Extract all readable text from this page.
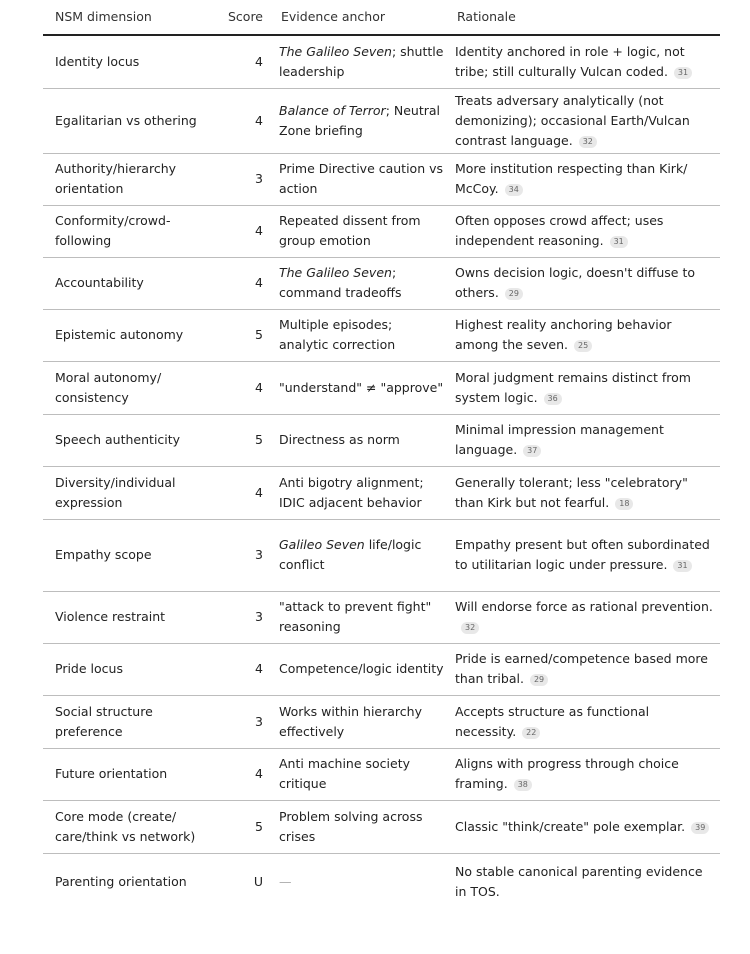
NSM dimension	Score	Evidence anchor	Rationale
Identity locus	4	The Galileo Seven; shuttle leadership	Identity anchored in role + logic, not tribe; still culturally Vulcan coded. 31
Egalitarian vs othering	4	Balance of Terror; Neutral Zone briefing	Treats adversary analytically (not demonizing); occasional Earth/Vulcan contrast language. 32
Authority/hierarchy orientation	3	Prime Directive caution vs action	More institution respecting than Kirk/ McCoy. 34
Conformity/crowd-following	4	Repeated dissent from group emotion	Often opposes crowd affect; uses independent reasoning. 31
Accountability	4	The Galileo Seven; command tradeoffs	Owns decision logic, doesn't diffuse to others. 29
Epistemic autonomy	5	Multiple episodes; analytic correction	Highest reality anchoring behavior among the seven. 25
Moral autonomy/ consistency	4	"understand" ≠ "approve"	Moral judgment remains distinct from system logic. 36
Speech authenticity	5	Directness as norm	Minimal impression management language. 37
Diversity/individual expression	4	Anti bigotry alignment; IDIC adjacent behavior	Generally tolerant; less "celebratory" than Kirk but not fearful. 18
Empathy scope	3	Galileo Seven life/logic conflict	Empathy present but often subordinated to utilitarian logic under pressure. 31
Violence restraint	3	"attack to prevent fight" reasoning	Will endorse force as rational prevention.32
Pride locus	4	Competence/logic identity	Pride is earned/competence based more than tribal. 29
Social structure preference	3	Works within hierarchy effectively	Accepts structure as functional necessity. 22
Future orientation	4	Anti machine society critique	Aligns with progress through choice framing. 38
Core mode (create/ care/think vs network)	5	Problem solving across crises	Classic "think/create" pole exemplar. 39
Parenting orientation	U	—	No stable canonical parenting evidence in TOS.
